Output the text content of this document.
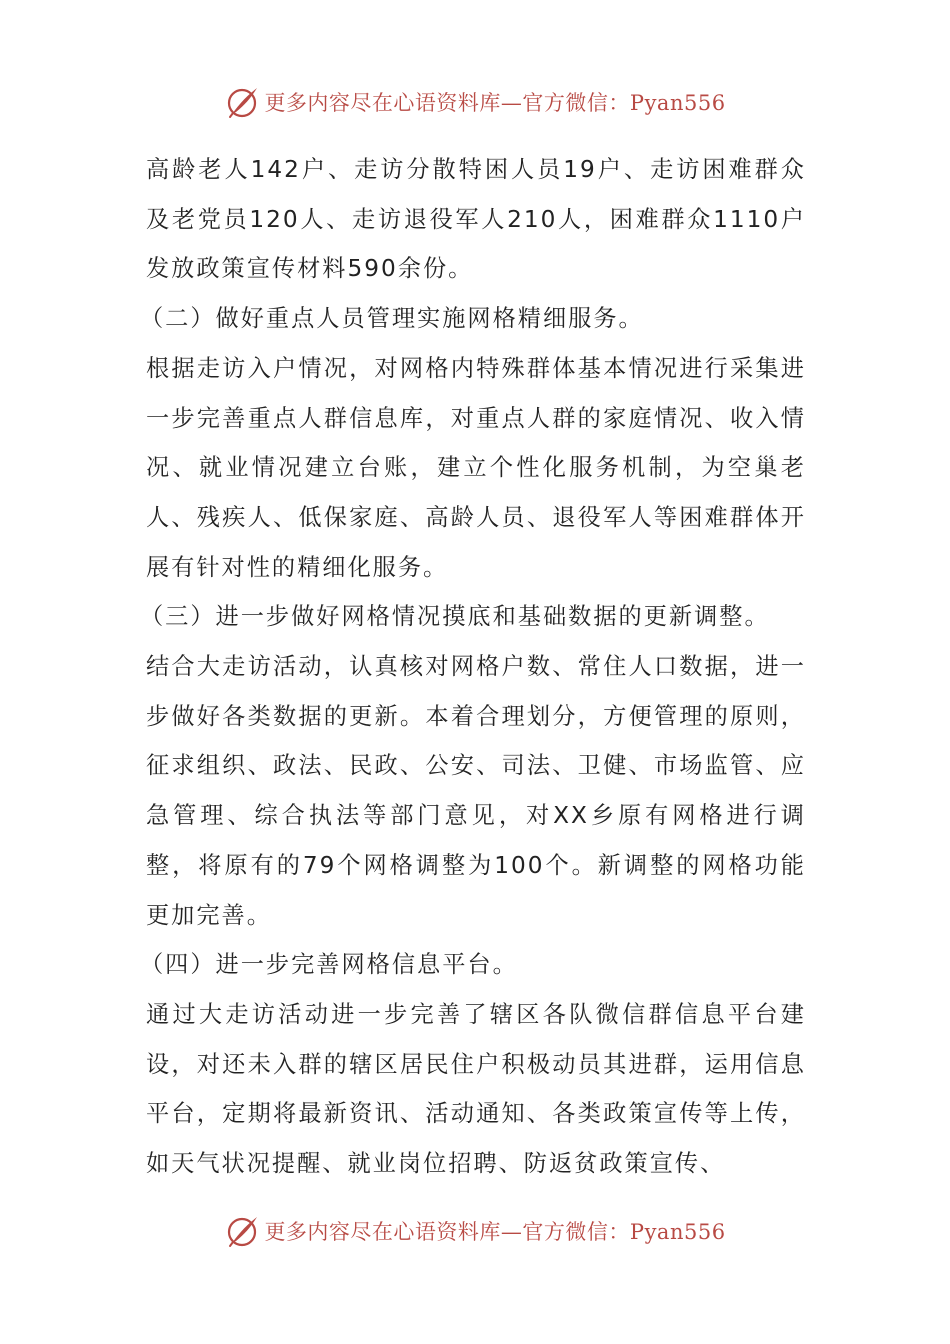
更多内容尽在心语资料库—官方微信：Pyan556

高龄老人142户、走访分散特困人员19户、走访困难群众及老党员120人、走访退役军人210人，困难群众1110户发放政策宣传材料590余份。

（二）做好重点人员管理实施网格精细服务。

根据走访入户情况，对网格内特殊群体基本情况进行采集进一步完善重点人群信息库，对重点人群的家庭情况、收入情况、就业情况建立台账，建立个性化服务机制，为空巢老人、残疾人、低保家庭、高龄人员、退役军人等困难群体开展有针对性的精细化服务。

（三）进一步做好网格情况摸底和基础数据的更新调整。

结合大走访活动，认真核对网格户数、常住人口数据，进一步做好各类数据的更新。本着合理划分，方便管理的原则，征求组织、政法、民政、公安、司法、卫健、市场监管、应急管理、综合执法等部门意见，对XX乡原有网格进行调整，将原有的79个网格调整为100个。新调整的网格功能更加完善。

（四）进一步完善网格信息平台。

通过大走访活动进一步完善了辖区各队微信群信息平台建设，对还未入群的辖区居民住户积极动员其进群，运用信息平台，定期将最新资讯、活动通知、各类政策宣传等上传，如天气状况提醒、就业岗位招聘、防返贫政策宣传、

更多内容尽在心语资料库—官方微信：Pyan556
